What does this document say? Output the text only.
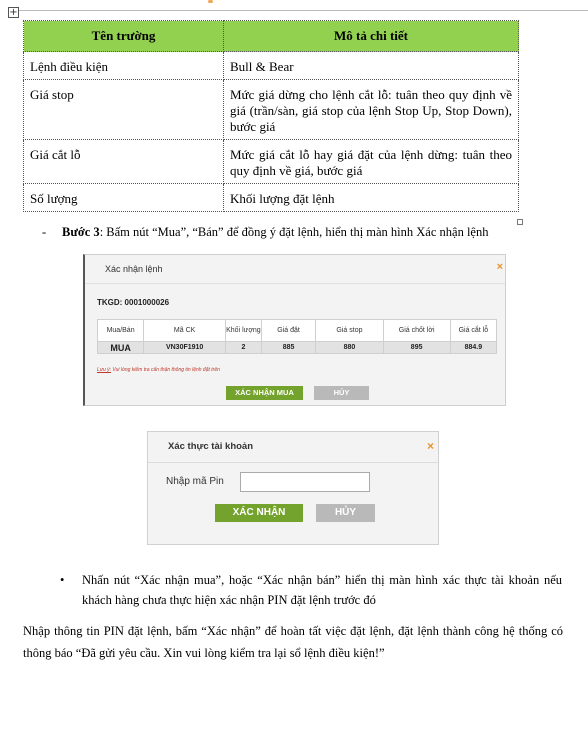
+
Tên trường	Mô tả chi tiết
Lệnh điều kiện	Bull & Bear
Giá stop	Mức giá dừng cho lệnh cắt lỗ: tuân theo quy định về giá (trần/sàn, giá stop của lệnh Stop Up, Stop Down), bước giá
Giá cắt lỗ	Mức giá cắt lỗ hay giá đặt của lệnh dừng: tuân theo quy định về giá, bước giá
Số lượng	Khối lượng đặt lệnh
- Bước 3: Bấm nút “Mua”, “Bán” để đồng ý đặt lệnh, hiển thị màn hình Xác nhận lệnh
Xác nhận lệnh	×
TKGD: 0001000026
Mua/Bán	Mã CK	Khối lượng	Giá đặt	Giá stop	Giá chốt lời	Giá cắt lỗ
MUA	VN30F1910	2	885	880	895	884.9
Lưu ý: Vui lòng kiểm tra cẩn thận thông tin lệnh đặt trên
XÁC NHẬN MUA	HỦY
Xác thực tài khoản	×
Nhập mã Pin
XÁC NHẬN	HỦY
• Nhấn nút “Xác nhận mua”, hoặc “Xác nhận bán” hiển thị màn hình xác thực tài khoản nếu khách hàng chưa thực hiện xác nhận PIN đặt lệnh trước đó
Nhập thông tin PIN đặt lệnh, bấm “Xác nhận” để hoàn tất việc đặt lệnh, đặt lệnh thành công hệ thống có thông báo “Đã gửi yêu cầu. Xin vui lòng kiểm tra lại sổ lệnh điều kiện!”
